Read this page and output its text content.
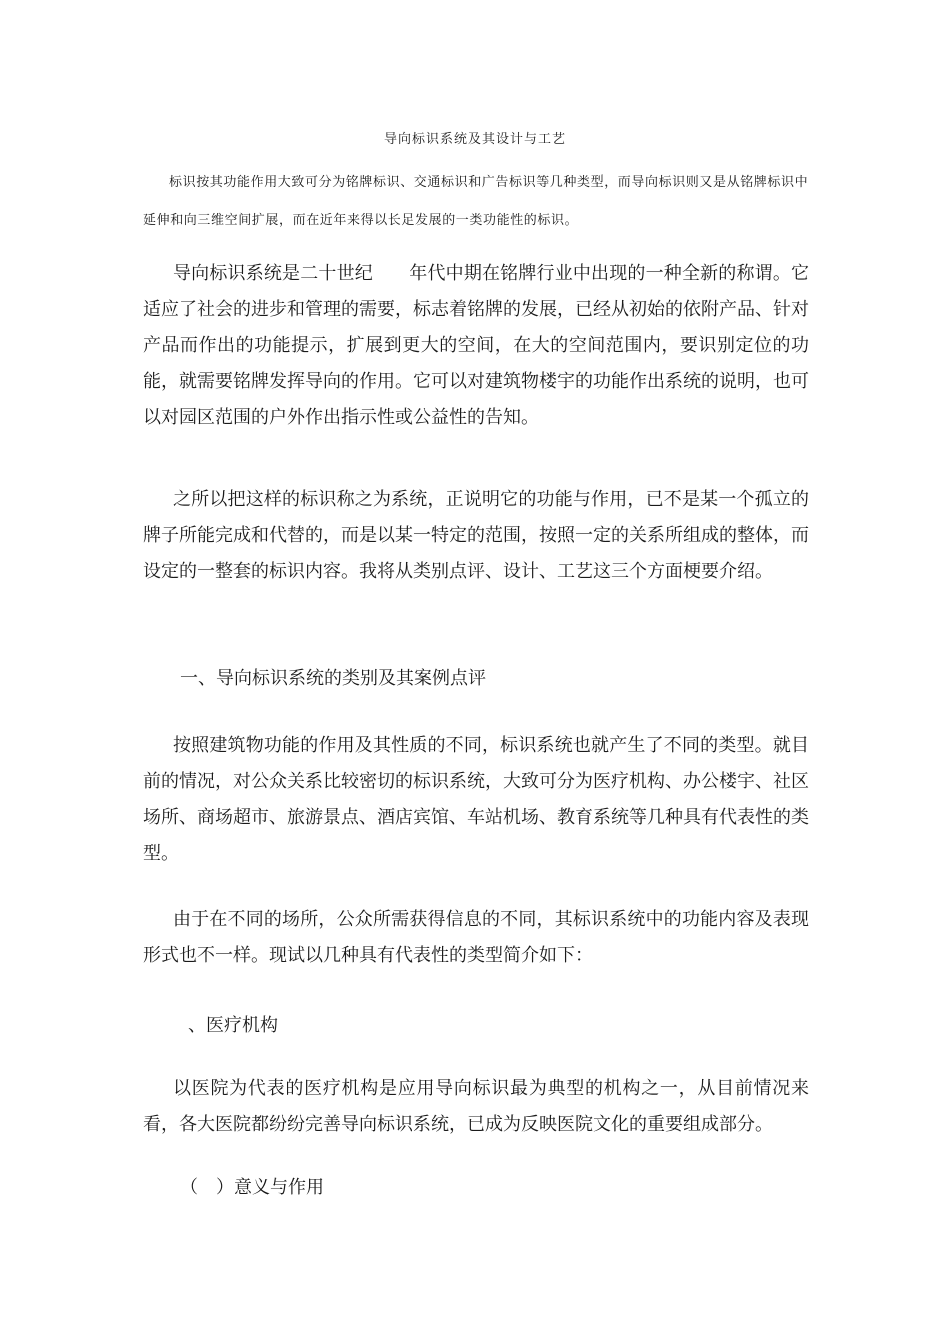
导向标识系统及其设计与工艺

标识按其功能作用大致可分为铭牌标识、交通标识和广告标识等几种类型，而导向标识则又是从铭牌标识中延伸和向三维空间扩展，而在近年来得以长足发展的一类功能性的标识。

导向标识系统是二十世纪　　年代中期在铭牌行业中出现的一种全新的称谓。它适应了社会的进步和管理的需要，标志着铭牌的发展，已经从初始的依附产品、针对产品而作出的功能提示，扩展到更大的空间，在大的空间范围内，要识别定位的功能，就需要铭牌发挥导向的作用。它可以对建筑物楼宇的功能作出系统的说明，也可以对园区范围的户外作出指示性或公益性的告知。

之所以把这样的标识称之为系统，正说明它的功能与作用，已不是某一个孤立的牌子所能完成和代替的，而是以某一特定的范围，按照一定的关系所组成的整体，而设定的一整套的标识内容。我将从类别点评、设计、工艺这三个方面梗要介绍。

一、导向标识系统的类别及其案例点评

按照建筑物功能的作用及其性质的不同，标识系统也就产生了不同的类型。就目前的情况，对公众关系比较密切的标识系统，大致可分为医疗机构、办公楼宇、社区场所、商场超市、旅游景点、酒店宾馆、车站机场、教育系统等几种具有代表性的类型。

由于在不同的场所，公众所需获得信息的不同，其标识系统中的功能内容及表现形式也不一样。现试以几种具有代表性的类型简介如下：

、医疗机构

以医院为代表的医疗机构是应用导向标识最为典型的机构之一，从目前情况来看，各大医院都纷纷完善导向标识系统，已成为反映医院文化的重要组成部分。

（　）意义与作用
